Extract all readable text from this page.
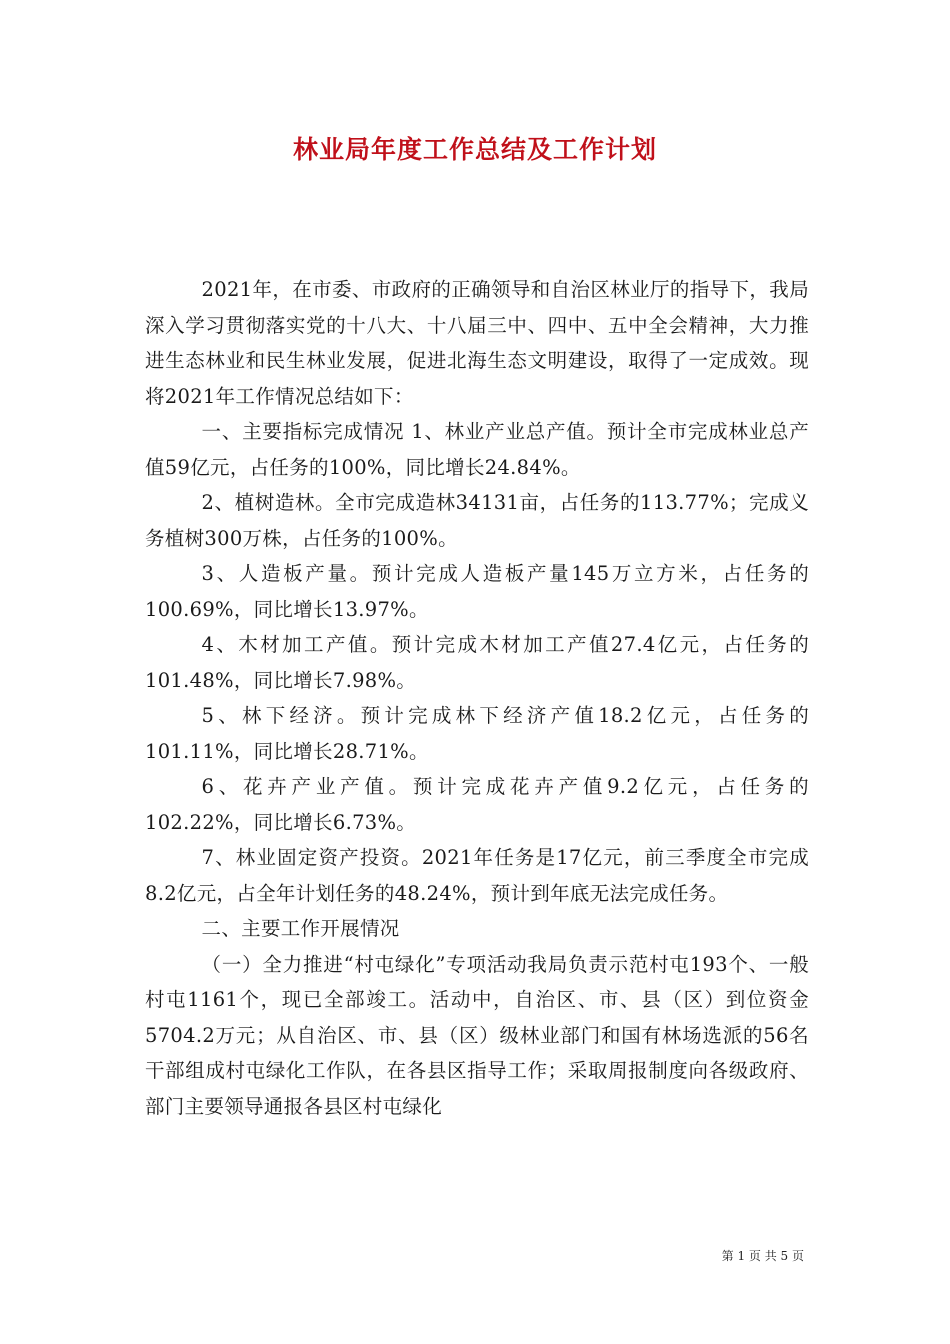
林业局年度工作总结及工作计划

2021年，在市委、市政府的正确领导和自治区林业厅的指导下，我局深入学习贯彻落实党的十八大、十八届三中、四中、五中全会精神，大力推进生态林业和民生林业发展，促进北海生态文明建设，取得了一定成效。现将2021年工作情况总结如下：

一、主要指标完成情况 1、林业产业总产值。预计全市完成林业总产值59亿元，占任务的100%，同比增长24.84%。

2、植树造林。全市完成造林34131亩，占任务的113.77%；完成义务植树300万株，占任务的100%。

3、人造板产量。预计完成人造板产量145万立方米，占任务的100.69%，同比增长13.97%。

4、木材加工产值。预计完成木材加工产值27.4亿元，占任务的101.48%，同比增长7.98%。

5、林下经济。预计完成林下经济产值18.2亿元，占任务的101.11%，同比增长28.71%。

6、花卉产业产值。预计完成花卉产值9.2亿元，占任务的102.22%，同比增长6.73%。

7、林业固定资产投资。2021年任务是17亿元，前三季度全市完成8.2亿元，占全年计划任务的48.24%，预计到年底无法完成任务。

二、主要工作开展情况

（一）全力推进“村屯绿化”专项活动我局负责示范村屯193个、一般村屯1161个，现已全部竣工。活动中，自治区、市、县（区）到位资金5704.2万元；从自治区、市、县（区）级林业部门和国有林场选派的56名干部组成村屯绿化工作队，在各县区指导工作；采取周报制度向各级政府、部门主要领导通报各县区村屯绿化

第 1 页 共 5 页
